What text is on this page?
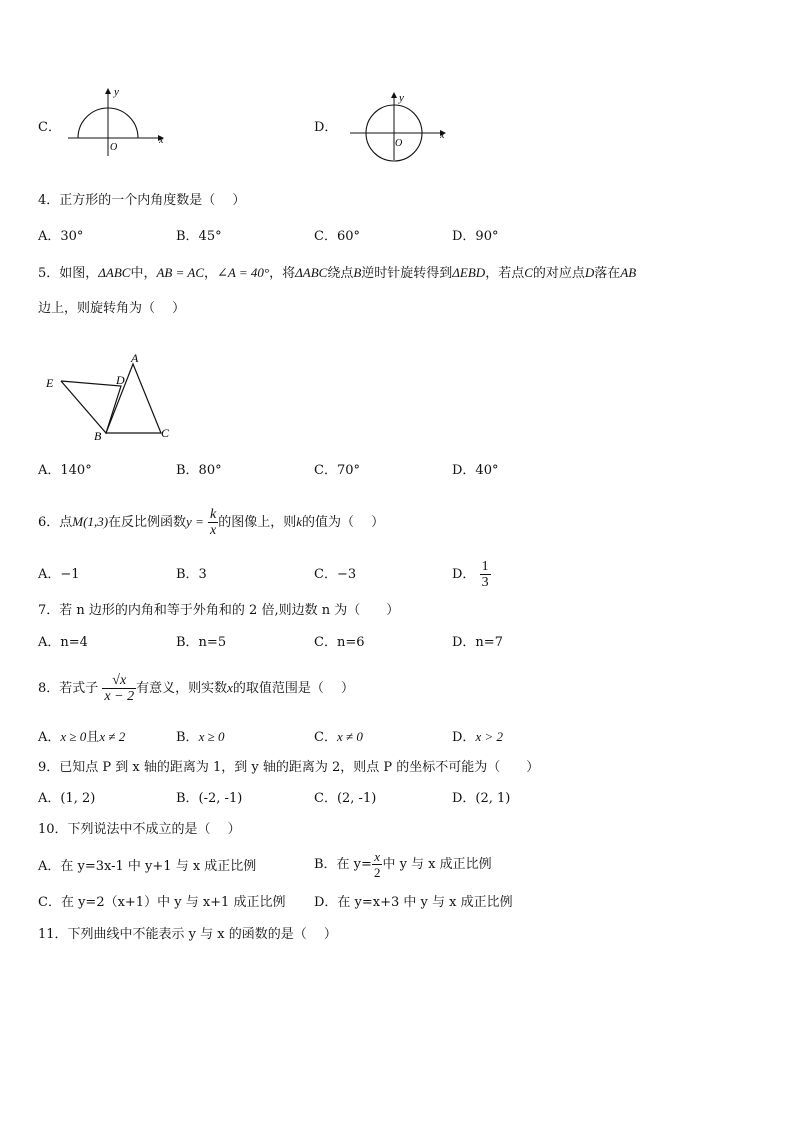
C．
y
x
O
D．
y
x
O
4．正方形的一个内角度数是（　 ）
A．30°	B．45°	C．60°	D．90°
5．如图，ΔABC中，AB = AC，∠A = 40°，将ΔABC绕点B逆时针旋转得到ΔEBD，若点C的对应点D落在AB
边上，则旋转角为（　 ）
A
D
E
B	C
A．140°	B．80°	C．70°	D．40°
6．点M(1,3)在反比例函数$y = \frac{k}{x}$ 的图像上，则k的值为（　 ）
A．−1	B．3	C．−3	D． $\frac{1}{3}$
7．若 n 边形的内角和等于外角和的 2 倍,则边数 n 为（　　）
A．n=4	B．n=5	C．n=6	D．n=7
8．若式子 $\frac{√x}{x - 2}$ 有意义，则实数x的取值范围是（　 ）
A．x ≥ 0且x ≠ 2	B．x ≥ 0	C．x ≠ 0	D．x > 2
9．已知点 P 到 x 轴的距离为 1，到 y 轴的距离为 2，则点 P 的坐标不可能为（　　）
A．(1, 2)	B．(-2, -1)	C．(2, -1)	D．(2, 1)
10．下列说法中不成立的是（　 ）
A．在 y=3x-1 中 y+1 与 x 成正比例	B．在 $y= \frac{x}{2}$ 中 y 与 x 成正比例
C．在 y=2（x+1）中 y 与 x+1 成正比例 D．在 y=x+3 中 y 与 x 成正比例
11．下列曲线中不能表示 y 与 x 的函数的是（　 ）
